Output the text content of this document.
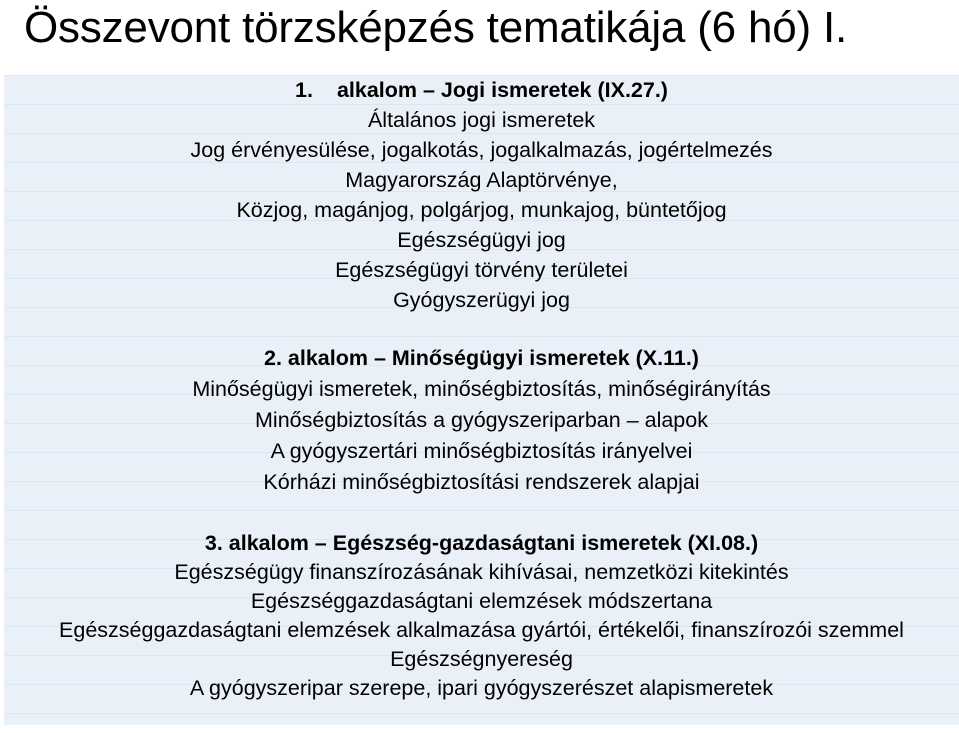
Összevont törzsképzés tematikája (6 hó) I.
1. alkalom – Jogi ismeretek (IX.27.)
Általános jogi ismeretek
Jog érvényesülése, jogalkotás, jogalkalmazás, jogértelmezés
Magyarország Alaptörvénye,
Közjog, magánjog, polgárjog, munkajog, büntetőjog
Egészségügyi jog
Egészségügyi törvény területei
Gyógyszerügyi jog
2. alkalom – Minőségügyi ismeretek (X.11.)
Minőségügyi ismeretek, minőségbiztosítás, minőségirányítás
Minőségbiztosítás a gyógyszeriparban – alapok
A gyógyszertári minőségbiztosítás irányelvei
Kórházi minőségbiztosítási rendszerek alapjai
3. alkalom – Egészség-gazdaságtani ismeretek (XI.08.)
Egészségügy finanszírozásának kihívásai, nemzetközi kitekintés
Egészséggazdaságtani elemzések módszertana
Egészséggazdaságtani elemzések alkalmazása gyártói, értékelői, finanszírozói szemmel
Egészségnyereség
A gyógyszeripar szerepe, ipari gyógyszerészet alapismeretek
